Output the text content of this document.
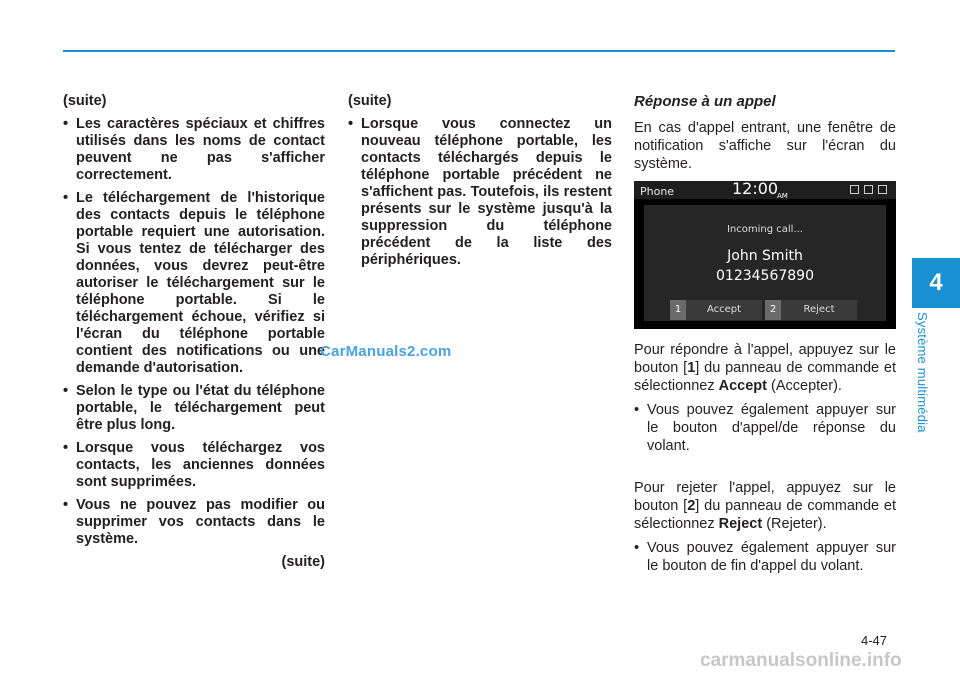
4
Système multimédia
(suite)
• Les caractères spéciaux et chiffres utilisés dans les noms de contact peuvent ne pas s'afficher correctement.
• Le téléchargement de l'historique des contacts depuis le téléphone portable requiert une autorisation. Si vous tentez de télécharger des données, vous devrez peut-être autoriser le téléchargement sur le téléphone portable. Si le téléchargement échoue, vérifiez si l'écran du téléphone portable contient des notifications ou une demande d'autorisation.
• Selon le type ou l'état du téléphone portable, le téléchargement peut être plus long.
• Lorsque vous téléchargez vos contacts, les anciennes données sont supprimées.
• Vous ne pouvez pas modifier ou supprimer vos contacts dans le système.
(suite)
(suite)
• Lorsque vous connectez un nouveau téléphone portable, les contacts téléchargés depuis le téléphone portable précédent ne s'affichent pas. Toutefois, ils restent présents sur le système jusqu'à la suppression du téléphone précédent de la liste des périphériques.
Réponse à un appel

En cas d'appel entrant, une fenêtre de notification s'affiche sur l'écran du système.

Phone	12:00
AM
Incoming call...
John Smith
01234567890
1	Accept	2	Reject

Pour répondre à l'appel, appuyez sur le bouton [1] du panneau de commande et sélectionnez Accept (Accepter).

• Vous pouvez également appuyer sur le bouton d'appel/de réponse du volant.

Pour rejeter l'appel, appuyez sur le bouton [2] du panneau de commande et sélectionnez Reject (Rejeter).

• Vous pouvez également appuyer sur le bouton de fin d'appel du volant.
CarManuals2.com
4-47
carmanualsonline.info
